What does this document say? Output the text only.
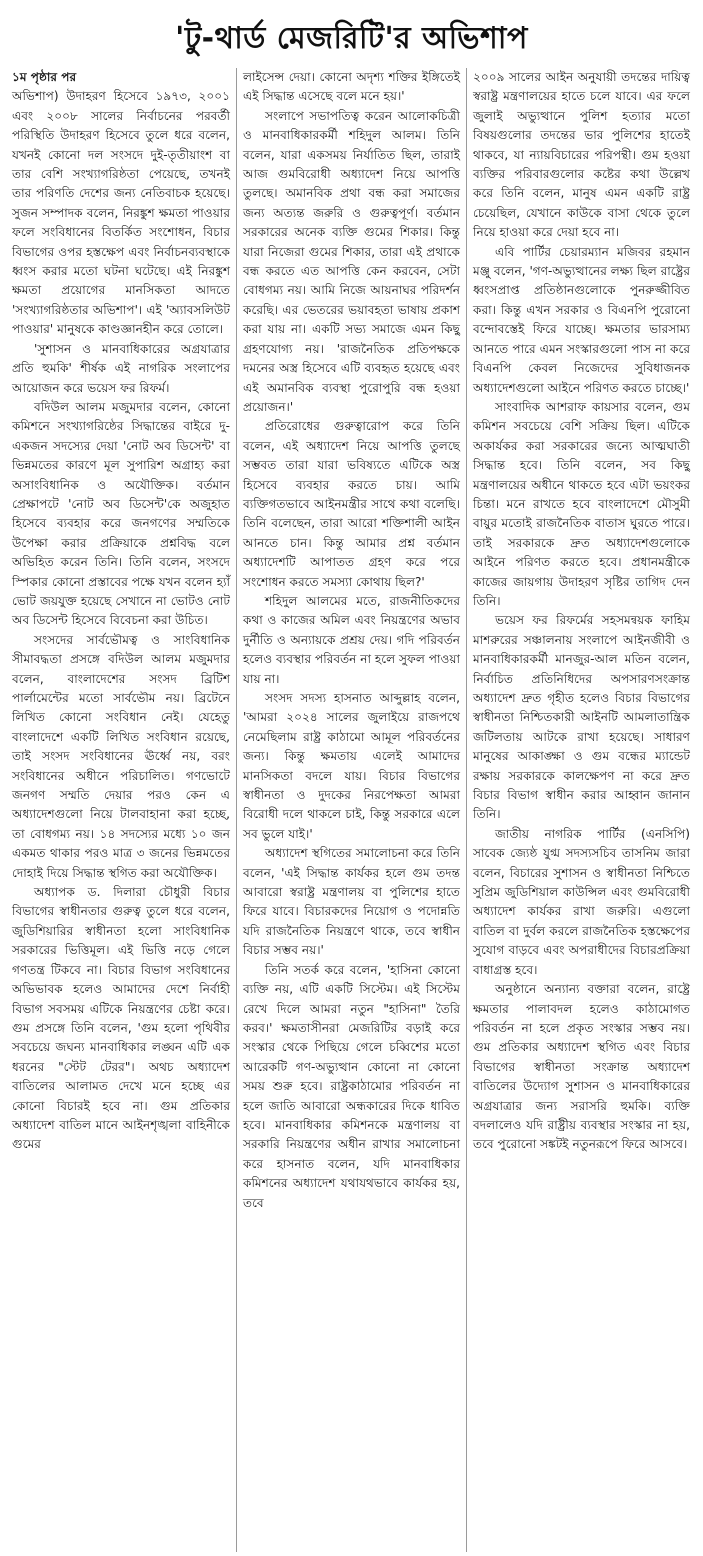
'টু-থার্ড মেজরিটি'র অভিশাপ

১ম পৃষ্ঠার পর

অভিশাপ) উদাহরণ হিসেবে ১৯৭৩, ২০০১ এবং ২০০৮ সালের নির্বাচনের পরবর্তী পরিস্থিতি উদাহরণ হিসেবে তুলে ধরে বলেন, যখনই কোনো দল সংসদে দুই-তৃতীয়াংশ বা তার বেশি সংখ্যাগরিষ্ঠতা পেয়েছে, তখনই তার পরিণতি দেশের জন্য নেতিবাচক হয়েছে। সুজন সম্পাদক বলেন, নিরঙ্কুশ ক্ষমতা পাওয়ার ফলে সংবিধানের বিতর্কিত সংশোধন, বিচার বিভাগের ওপর হস্তক্ষেপ এবং নির্বাচনব্যবস্থাকে ধ্বংস করার মতো ঘটনা ঘটেছে। এই নিরঙ্কুশ ক্ষমতা প্রয়োগের মানসিকতা আদতে 'সংখ্যাগরিষ্ঠতার অভিশাপ'। এই 'অ্যাবসলিউট পাওয়ার' মানুষকে কাণ্ডজ্ঞানহীন করে তোলে।

'সুশাসন ও মানবাধিকারের অগ্রযাত্রার প্রতি হুমকি' শীর্ষক এই নাগরিক সংলাপের আয়োজন করে ভয়েস ফর রিফর্ম।

বদিউল আলম মজুমদার বলেন, কোনো কমিশনে সংখ্যাগরিষ্ঠের সিদ্ধান্তের বাইরে দু-একজন সদস্যের দেয়া 'নোট অব ডিসেন্ট' বা ভিন্নমতের কারণে মূল সুপারিশ অগ্রাহ্য করা অসাংবিধানিক ও অযৌক্তিক। বর্তমান প্রেক্ষাপটে 'নোট অব ডিসেন্ট'কে অজুহাত হিসেবে ব্যবহার করে জনগণের সম্মতিকে উপেক্ষা করার প্রক্রিয়াকে প্রশ্নবিদ্ধ বলে অভিহিত করেন তিনি। তিনি বলেন, সংসদে স্পিকার কোনো প্রস্তাবের পক্ষে যখন বলেন হ্যাঁ ভোট জয়যুক্ত হয়েছে সেখানে না ভোটও নোট অব ডিসেন্ট হিসেবে বিবেচনা করা উচিত।

সংসদের সার্বভৌমত্ব ও সাংবিধানিক সীমাবদ্ধতা প্রসঙ্গে বদিউল আলম মজুমদার বলেন, বাংলাদেশের সংসদ ব্রিটিশ পার্লামেন্টের মতো সার্বভৌম নয়। ব্রিটেনে লিখিত কোনো সংবিধান নেই। যেহেতু বাংলাদেশে একটি লিখিত সংবিধান রয়েছে, তাই সংসদ সংবিধানের ঊর্ধ্বে নয়, বরং সংবিধানের অধীনে পরিচালিত। গণভোটে জনগণ সম্মতি দেয়ার পরও কেন এ অধ্যাদেশগুলো নিয়ে টালবাহানা করা হচ্ছে, তা বোধগম্য নয়। ১৪ সদস্যের মধ্যে ১০ জন একমত থাকার পরও মাত্র ৩ জনের ভিন্নমতের দোহাই দিয়ে সিদ্ধান্ত স্থগিত করা অযৌক্তিক।

অধ্যাপক ড. দিলারা চৌধুরী বিচার বিভাগের স্বাধীনতার গুরুত্ব তুলে ধরে বলেন, জুডিশিয়ারির স্বাধীনতা হলো সাংবিধানিক সরকারের ভিত্তিমূল। এই ভিত্তি নড়ে গেলে গণতন্ত্র টিকবে না। বিচার বিভাগ সংবিধানের অভিভাবক হলেও আমাদের দেশে নির্বাহী বিভাগ সবসময় এটিকে নিয়ন্ত্রণের চেষ্টা করে। গুম প্রসঙ্গে তিনি বলেন, 'গুম হলো পৃথিবীর সবচেয়ে জঘন্য মানবাধিকার লঙ্ঘন এটি এক ধরনের "স্টেট টেরর"। অথচ অধ্যাদেশ বাতিলের আলামত দেখে মনে হচ্ছে এর কোনো বিচারই হবে না। গুম প্রতিকার অধ্যাদেশ বাতিল মানে আইনশৃঙ্খলা বাহিনীকে গুমের

লাইসেন্স দেয়া। কোনো অদৃশ্য শক্তির ইঙ্গিতেই এই সিদ্ধান্ত এসেছে বলে মনে হয়।'

সংলাপে সভাপতিত্ব করেন আলোকচিত্রী ও মানবাধিকারকর্মী শহিদুল আলম। তিনি বলেন, যারা একসময় নির্যাতিত ছিল, তারাই আজ গুমবিরোধী অধ্যাদেশ নিয়ে আপত্তি তুলছে। অমানবিক প্রথা বন্ধ করা সমাজের জন্য অত্যন্ত জরুরি ও গুরুত্বপূর্ণ। বর্তমান সরকারের অনেক ব্যক্তি গুমের শিকার। কিন্তু যারা নিজেরা গুমের শিকার, তারা এই প্রথাকে বন্ধ করতে এত আপত্তি কেন করবেন, সেটা বোধগম্য নয়। আমি নিজে আয়নাঘর পরিদর্শন করেছি। এর ভেতরের ভয়াবহতা ভাষায় প্রকাশ করা যায় না। একটি সভ্য সমাজে এমন কিছু গ্রহণযোগ্য নয়। 'রাজনৈতিক প্রতিপক্ষকে দমনের অস্ত্র হিসেবে এটি ব্যবহৃত হয়েছে এবং এই অমানবিক ব্যবস্থা পুরোপুরি বন্ধ হওয়া প্রয়োজন।'

প্রতিরোধের গুরুত্বারোপ করে তিনি বলেন, এই অধ্যাদেশ নিয়ে আপত্তি তুলছে সম্ভবত তারা যারা ভবিষ্যতে এটিকে অস্ত্র হিসেবে ব্যবহার করতে চায়। আমি ব্যক্তিগতভাবে আইনমন্ত্রীর সাথে কথা বলেছি। তিনি বলেছেন, তারা আরো শক্তিশালী আইন আনতে চান। কিন্তু আমার প্রশ্ন বর্তমান অধ্যাদেশটি আপাতত গ্রহণ করে পরে সংশোধন করতে সমস্যা কোথায় ছিল?'

শহিদুল আলমের মতে, রাজনীতিকদের কথা ও কাজের অমিল এবং নিয়ন্ত্রণের অভাব দুর্নীতি ও অন্যায়কে প্রশ্রয় দেয়। গদি পরিবর্তন হলেও ব্যবস্থার পরিবর্তন না হলে সুফল পাওয়া যায় না।

সংসদ সদস্য হাসনাত আব্দুল্লাহ বলেন, 'আমরা ২০২৪ সালের জুলাইয়ে রাজপথে নেমেছিলাম রাষ্ট্র কাঠামো আমূল পরিবর্তনের জন্য। কিন্তু ক্ষমতায় এলেই আমাদের মানসিকতা বদলে যায়। বিচার বিভাগের স্বাধীনতা ও দুদকের নিরপেক্ষতা আমরা বিরোধী দলে থাকলে চাই, কিন্তু সরকারে এলে সব ভুলে যাই।'

অধ্যাদেশ স্থগিতের সমালোচনা করে তিনি বলেন, 'এই সিদ্ধান্ত কার্যকর হলে গুম তদন্ত আবারো স্বরাষ্ট্র মন্ত্রণালয় বা পুলিশের হাতে ফিরে যাবে। বিচারকদের নিয়োগ ও পদোন্নতি যদি রাজনৈতিক নিয়ন্ত্রণে থাকে, তবে স্বাধীন বিচার সম্ভব নয়।'

তিনি সতর্ক করে বলেন, 'হাসিনা কোনো ব্যক্তি নয়, এটি একটি সিস্টেম। এই সিস্টেম রেখে দিলে আমরা নতুন "হাসিনা" তৈরি করব।' ক্ষমতাসীনরা মেজরিটির বড়াই করে সংস্কার থেকে পিছিয়ে গেলে চব্বিশের মতো আরেকটি গণ-অভ্যুত্থান কোনো না কোনো সময় শুরু হবে। রাষ্ট্রকাঠামোর পরিবর্তন না হলে জাতি আবারো অন্ধকারের দিকে ধাবিত হবে। মানবাধিকার কমিশনকে মন্ত্রণালয় বা সরকারি নিয়ন্ত্রণের অধীন রাখার সমালোচনা করে হাসনাত বলেন, যদি মানবাধিকার কমিশনের অধ্যাদেশ যথাযথভাবে কার্যকর হয়, তবে

২০০৯ সালের আইন অনুযায়ী তদন্তের দায়িত্ব স্বরাষ্ট্র মন্ত্রণালয়ের হাতে চলে যাবে। এর ফলে জুলাই অভ্যুত্থানে পুলিশ হত্যার মতো বিষয়গুলোর তদন্তের ভার পুলিশের হাতেই থাকবে, যা ন্যায়বিচারের পরিপন্থী। গুম হওয়া ব্যক্তির পরিবারগুলোর কষ্টের কথা উল্লেখ করে তিনি বলেন, মানুষ এমন একটি রাষ্ট্র চেয়েছিল, যেখানে কাউকে বাসা থেকে তুলে নিয়ে হাওয়া করে দেয়া হবে না।

এবি পার্টির চেয়ারম্যান মজিবর রহমান মঞ্জু বলেন, 'গণ-অভ্যুত্থানের লক্ষ্য ছিল রাষ্ট্রের ধ্বংসপ্রাপ্ত প্রতিষ্ঠানগুলোকে পুনরুজ্জীবিত করা। কিন্তু এখন সরকার ও বিএনপি পুরোনো বন্দোবস্তেই ফিরে যাচ্ছে। ক্ষমতার ভারসাম্য আনতে পারে এমন সংস্কারগুলো পাস না করে বিএনপি কেবল নিজেদের সুবিধাজনক অধ্যাদেশগুলো আইনে পরিণত করতে চাচ্ছে।'

সাংবাদিক আশরাফ কায়সার বলেন, গুম কমিশন সবচেয়ে বেশি সক্রিয় ছিল। এটিকে অকার্যকর করা সরকারের জন্যে আত্মঘাতী সিদ্ধান্ত হবে। তিনি বলেন, সব কিছু মন্ত্রণালয়ের অধীনে থাকতে হবে এটা ভয়ংকর চিন্তা। মনে রাখতে হবে বাংলাদেশে মৌসুমী বায়ুর মতোই রাজনৈতিক বাতাস ঘুরতে পারে। তাই সরকারকে দ্রুত অধ্যাদেশগুলোকে আইনে পরিণত করতে হবে। প্রধানমন্ত্রীকে কাজের জায়গায় উদাহরণ সৃষ্টির তাগিদ দেন তিনি।

ভয়েস ফর রিফর্মের সহসমন্বয়ক ফাহিম মাশরুরের সঞ্চালনায় সংলাপে আইনজীবী ও মানবাধিকারকর্মী মানজুর-আল মতিন বলেন, নির্বাচিত প্রতিনিধিদের অপসারণসংক্রান্ত অধ্যাদেশ দ্রুত গৃহীত হলেও বিচার বিভাগের স্বাধীনতা নিশ্চিতকারী আইনটি আমলাতান্ত্রিক জটিলতায় আটকে রাখা হয়েছে। সাধারণ মানুষের আকাঙ্ক্ষা ও গুম বন্ধের ম্যান্ডেট রক্ষায় সরকারকে কালক্ষেপণ না করে দ্রুত বিচার বিভাগ স্বাধীন করার আহ্বান জানান তিনি।

জাতীয় নাগরিক পার্টির (এনসিপি) সাবেক জ্যেষ্ঠ যুগ্ম সদস্যসচিব তাসনিম জারা বলেন, বিচারের সুশাসন ও স্বাধীনতা নিশ্চিতে সুপ্রিম জুডিশিয়াল কাউন্সিল এবং গুমবিরোধী অধ্যাদেশ কার্যকর রাখা জরুরি। এগুলো বাতিল বা দুর্বল করলে রাজনৈতিক হস্তক্ষেপের সুযোগ বাড়বে এবং অপরাধীদের বিচারপ্রক্রিয়া বাধাগ্রস্ত হবে।

অনুষ্ঠানে অন্যান্য বক্তারা বলেন, রাষ্ট্রে ক্ষমতার পালাবদল হলেও কাঠামোগত পরিবর্তন না হলে প্রকৃত সংস্কার সম্ভব নয়। গুম প্রতিকার অধ্যাদেশ স্থগিত এবং বিচার বিভাগের স্বাধীনতা সংক্রান্ত অধ্যাদেশ বাতিলের উদ্যোগ সুশাসন ও মানবাধিকারের অগ্রযাত্রার জন্য সরাসরি হুমকি। ব্যক্তি বদলালেও যদি রাষ্ট্রীয় ব্যবস্থার সংস্কার না হয়, তবে পুরোনো সঙ্কটই নতুনরূপে ফিরে আসবে।
